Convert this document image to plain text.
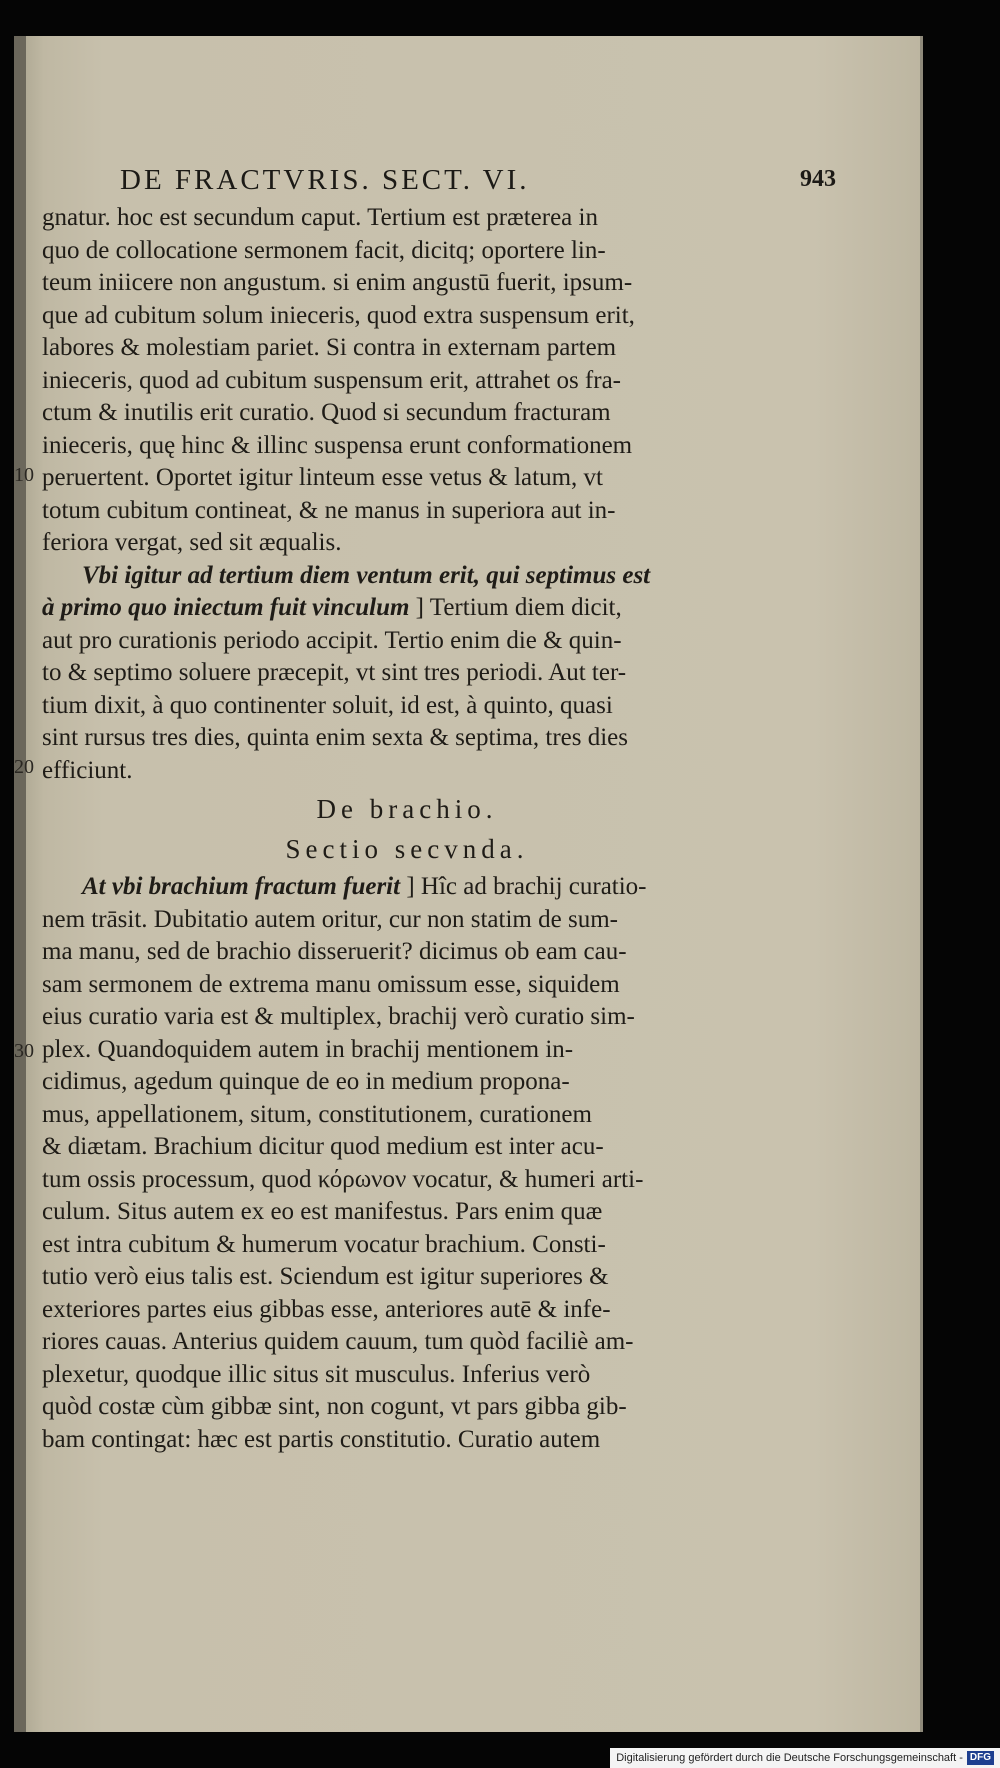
DE FRACTVRIS. SECT. VI.	943
10
20
30
gnatur. hoc est secundum caput. Tertium est præterea in
quo de collocatione sermonem facit, dicitq; oportere lin-
teum iniicere non angustum. si enim angustū fuerit, ipsum-
que ad cubitum solum inieceris, quod extra suspensum erit,
labores & molestiam pariet. Si contra in externam partem
inieceris, quod ad cubitum suspensum erit, attrahet os fra-
ctum & inutilis erit curatio. Quod si secundum fracturam
inieceris, quę hinc & illinc suspensa erunt conformationem
peruertent. Oportet igitur linteum esse vetus & latum, vt
totum cubitum contineat, & ne manus in superiora aut in-
feriora vergat, sed sit æqualis.
Vbi igitur ad tertium diem ventum erit, qui septimus est
à primo quo iniectum fuit vinculum ] Tertium diem dicit,
aut pro curationis periodo accipit. Tertio enim die & quin-
to & septimo soluere præcepit, vt sint tres periodi. Aut ter-
tium dixit, à quo continenter soluit, id est, à quinto, quasi
sint rursus tres dies, quinta enim sexta & septima, tres dies
efficiunt.
De brachio.
Sectio secvnda.
At vbi brachium fractum fuerit ] Hîc ad brachij curatio-
nem trāsit. Dubitatio autem oritur, cur non statim de sum-
ma manu, sed de brachio disseruerit? dicimus ob eam cau-
sam sermonem de extrema manu omissum esse, siquidem
eius curatio varia est & multiplex, brachij verò curatio sim-
plex. Quandoquidem autem in brachij mentionem in-
cidimus, agedum quinque de eo in medium proponа-
mus, appellationem, situm, constitutionem, curationem
& diætam. Brachium dicitur quod medium est inter acu-
tum ossis processum, quod κόρωνον vocatur, & humeri arti-
culum. Situs autem ex eo est manifestus. Pars enim quæ
est intra cubitum & humerum vocatur brachium. Consti-
tutio verò eius talis est. Sciendum est igitur superiores &
exteriores partes eius gibbas esse, anteriores autē & infe-
riores cauas. Anterius quidem cauum, tum quòd faciliè am-
plexetur, quodque illic situs sit musculus. Inferius verò
quòd costæ cùm gibbæ sint, non cogunt, vt pars gibba gib-
bam contingat: hæc est partis constitutio. Curatio autem
Digitalisierung gefördert durch die Deutsche Forschungsgemeinschaft - DFG
